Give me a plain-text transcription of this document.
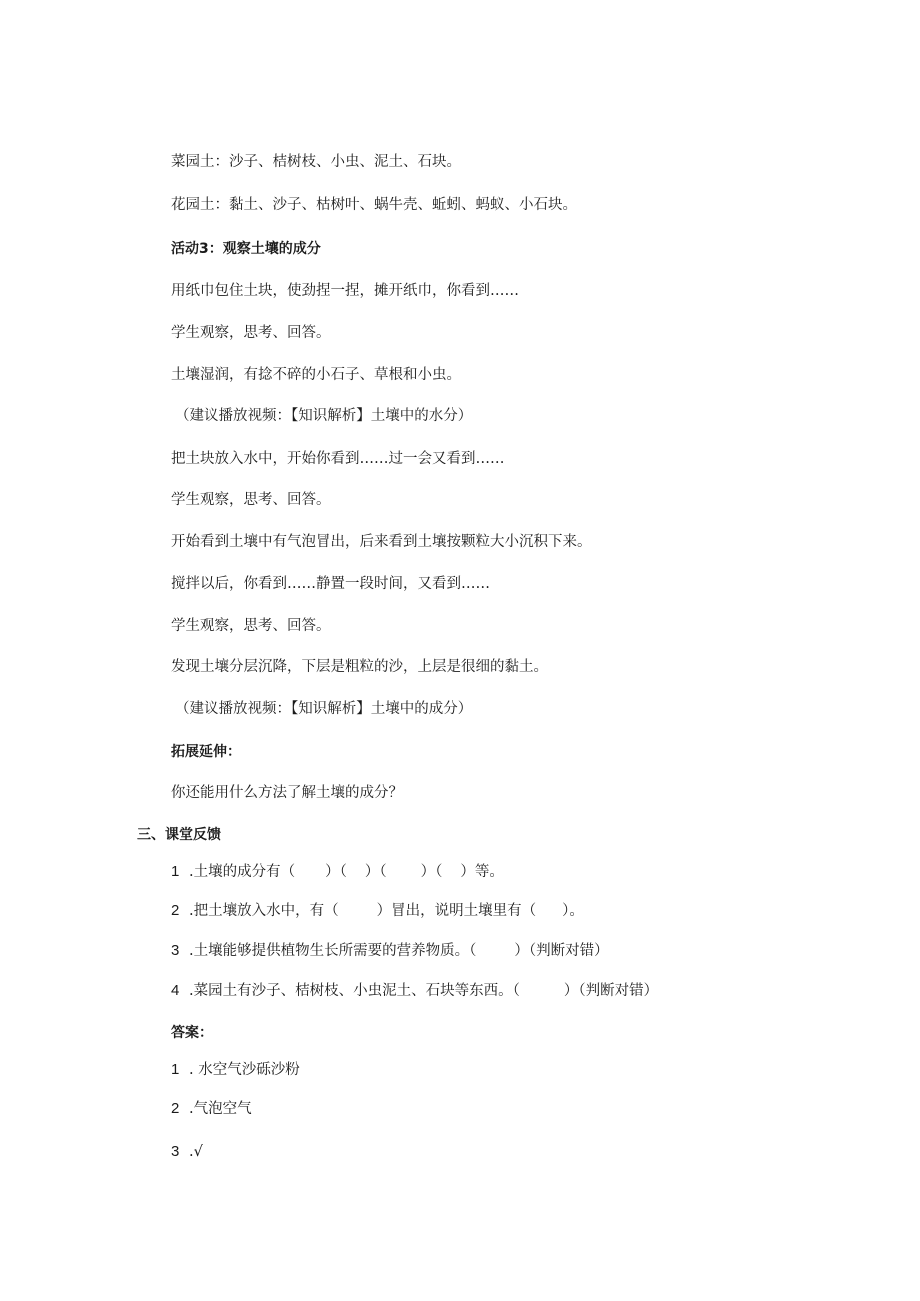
菜园土：沙子、桔树枝、小虫、泥土、石块。
花园土：黏土、沙子、枯树叶、蜗牛壳、蚯蚓、蚂蚁、小石块。
活动3：观察土壤的成分
用纸巾包住土块，使劲捏一捏，摊开纸巾，你看到……
学生观察，思考、回答。
土壤湿润，有捻不碎的小石子、草根和小虫。
（建议播放视频：【知识解析】土壤中的水分）
把土块放入水中，开始你看到……过一会又看到……
学生观察，思考、回答。
开始看到土壤中有气泡冒出，后来看到土壤按颗粒大小沉积下来。
搅拌以后，你看到……静置一段时间，又看到……
学生观察，思考、回答。
发现土壤分层沉降，下层是粗粒的沙，上层是很细的黏土。
（建议播放视频：【知识解析】土壤中的成分）
拓展延伸：
你还能用什么方法了解土壤的成分？
三、课堂反馈
1 .土壤的成分有（ ）（ ）（ ）（ ）等。
2 .把土壤放入水中，有（	）冒出，说明土壤里有（ ）。
3 .土壤能够提供植物生长所需要的营养物质。（	）（判断对错）
4 .菜园土有沙子、桔树枝、小虫泥土、石块等东西。（	）（判断对错）
答案：
1 . 水空气沙砾沙粉
2 .气泡空气
3 .√
